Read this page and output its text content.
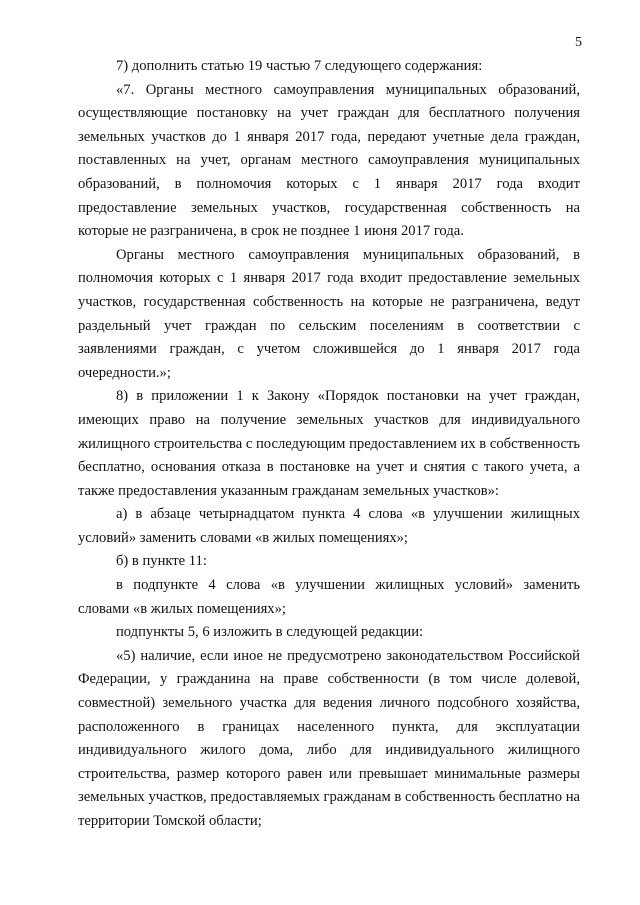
5

7) дополнить статью 19 частью 7 следующего содержания:

«7. Органы местного самоуправления муниципальных образований, осуществляющие постановку на учет граждан для бесплатного получения земельных участков до 1 января 2017 года, передают учетные дела граждан, поставленных на учет, органам местного самоуправления муниципальных образований, в полномочия которых с 1 января 2017 года входит предоставление земельных участков, государственная собственность на которые не разграничена, в срок не позднее 1 июня 2017 года.

Органы местного самоуправления муниципальных образований, в полномочия которых с 1 января 2017 года входит предоставление земельных участков, государственная собственность на которые не разграничена, ведут раздельный учет граждан по сельским поселениям в соответствии с заявлениями граждан, с учетом сложившейся до 1 января 2017 года очередности.»;

8) в приложении 1 к Закону «Порядок постановки на учет граждан, имеющих право на получение земельных участков для индивидуального жилищного строительства с последующим предоставлением их в собственность бесплатно, основания отказа в постановке на учет и снятия с такого учета, а также предоставления указанным гражданам земельных участков»:

а) в абзаце четырнадцатом пункта 4 слова «в улучшении жилищных условий» заменить словами «в жилых помещениях»;

б) в пункте 11:

в подпункте 4 слова «в улучшении жилищных условий» заменить словами «в жилых помещениях»;

подпункты 5, 6 изложить в следующей редакции:

«5) наличие, если иное не предусмотрено законодательством Российской Федерации, у гражданина на праве собственности (в том числе долевой, совместной) земельного участка для ведения личного подсобного хозяйства, расположенного в границах населенного пункта, для эксплуатации индивидуального жилого дома, либо для индивидуального жилищного строительства, размер которого равен или превышает минимальные размеры земельных участков, предоставляемых гражданам в собственность бесплатно на территории Томской области;
